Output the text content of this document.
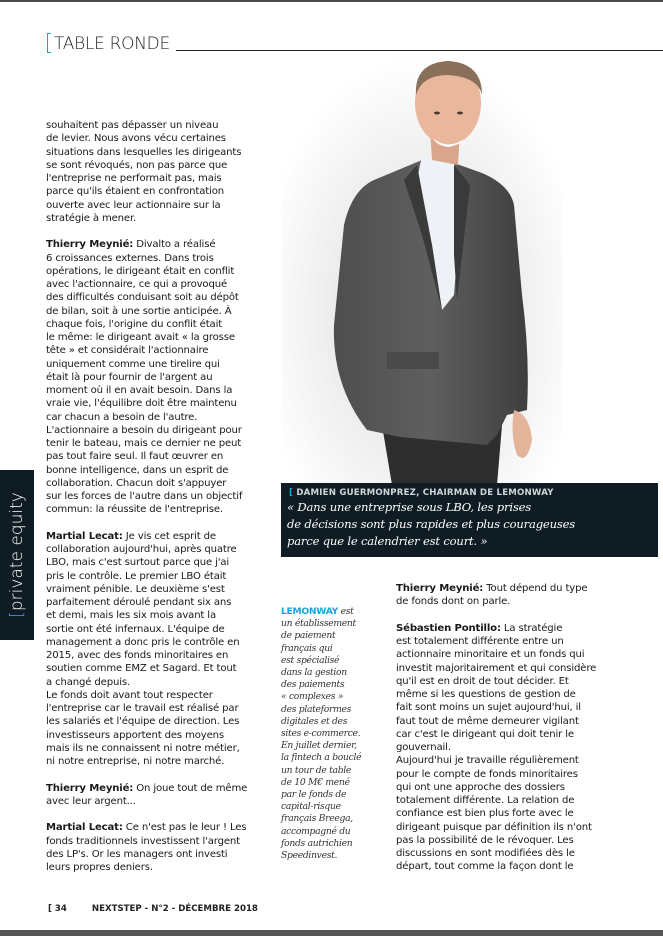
TABLE RONDE
souhaitent pas dépasser un niveau
de levier. Nous avons vécu certaines
situations dans lesquelles les dirigeants
se sont révoqués, non pas parce que
l'entreprise ne performait pas, mais
parce qu'ils étaient en confrontation
ouverte avec leur actionnaire sur la
stratégie à mener.
Thierry Meynié: Divalto a réalisé
6 croissances externes. Dans trois
opérations, le dirigeant était en conflit
avec l'actionnaire, ce qui a provoqué
des difficultés conduisant soit au dépôt
de bilan, soit à une sortie anticipée. À
chaque fois, l'origine du conflit était
le même: le dirigeant avait « la grosse
tête » et considérait l'actionnaire
uniquement comme une tirelire qui
était là pour fournir de l'argent au
moment où il en avait besoin. Dans la
vraie vie, l'équilibre doit être maintenu
car chacun a besoin de l'autre.
L'actionnaire a besoin du dirigeant pour
tenir le bateau, mais ce dernier ne peut
pas tout faire seul. Il faut œuvrer en
bonne intelligence, dans un esprit de
collaboration. Chacun doit s'appuyer
sur les forces de l'autre dans un objectif
commun: la réussite de l'entreprise.
Martial Lecat: Je vis cet esprit de
collaboration aujourd'hui, après quatre
LBO, mais c'est surtout parce que j'ai
pris le contrôle. Le premier LBO était
vraiment pénible. Le deuxième s'est
parfaitement déroulé pendant six ans
et demi, mais les six mois avant la
sortie ont été infernaux. L'équipe de
management a donc pris le contrôle en
2015, avec des fonds minoritaires en
soutien comme EMZ et Sagard. Et tout
a changé depuis.
Le fonds doit avant tout respecter
l'entreprise car le travail est réalisé par
les salariés et l'équipe de direction. Les
investisseurs apportent des moyens
mais ils ne connaissent ni notre métier,
ni notre entreprise, ni notre marché.
Thierry Meynié: On joue tout de même
avec leur argent...
Martial Lecat: Ce n'est pas le leur ! Les
fonds traditionnels investissent l'argent
des LP's. Or les managers ont investi
leurs propres deniers.
[private equity	[ DAMIEN GUERMONPREZ, CHAIRMAN DE LEMONWAY
« Dans une entreprise sous LBO, les prises
de décisions sont plus rapides et plus courageuses
parce que le calendrier est court. »
LEMONWAY est
un établissement
de paiement
français qui
est spécialisé
dans la gestion
des paiements
« complexes »
des plateformes
digitales et des
sites e-commerce.
En juillet dernier,
la fintech a bouclé
un tour de table
de 10 M€ mené
par le fonds de
capital-risque
français Breega,
accompagné du
fonds autrichien
Speedinvest.
Thierry Meynié: Tout dépend du type
de fonds dont on parle.
Sébastien Pontillo: La stratégie
est totalement différente entre un
actionnaire minoritaire et un fonds qui
investit majoritairement et qui considère
qu'il est en droit de tout décider. Et
même si les questions de gestion de
fait sont moins un sujet aujourd'hui, il
faut tout de même demeurer vigilant
car c'est le dirigeant qui doit tenir le
gouvernail.
Aujourd'hui je travaille régulièrement
pour le compte de fonds minoritaires
qui ont une approche des dossiers
totalement différente. La relation de
confiance est bien plus forte avec le
dirigeant puisque par définition ils n'ont
pas la possibilité de le révoquer. Les
discussions en sont modifiées dès le
départ, tout comme la façon dont le
[ 34	NEXTSTEP - N°2 - DÉCEMBRE 2018
